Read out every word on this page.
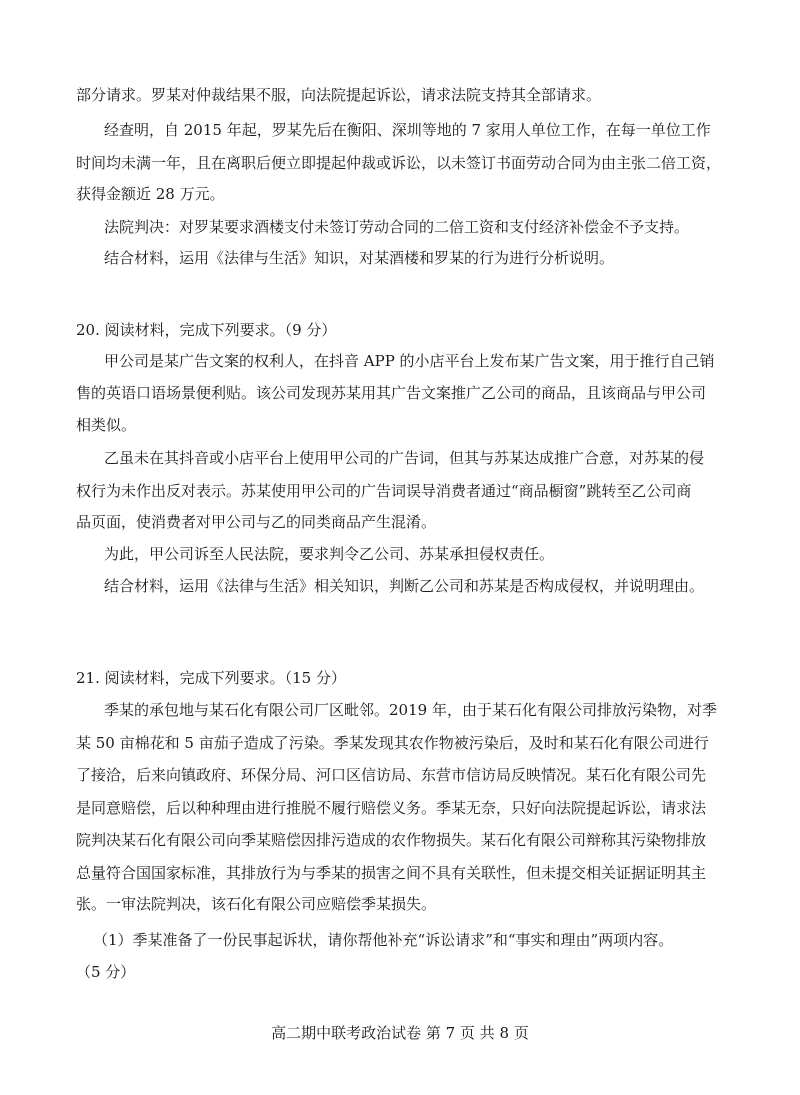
部分请求。罗某对仲裁结果不服，向法院提起诉讼，请求法院支持其全部请求。
经查明，自 2015 年起，罗某先后在衡阳、深圳等地的 7 家用人单位工作，在每一单位工作
时间均未满一年，且在离职后便立即提起仲裁或诉讼，以未签订书面劳动合同为由主张二倍工资，
获得金额近 28 万元。
法院判决：对罗某要求酒楼支付未签订劳动合同的二倍工资和支付经济补偿金不予支持。
结合材料，运用《法律与生活》知识，对某酒楼和罗某的行为进行分析说明。
20. 阅读材料，完成下列要求。（9 分）
甲公司是某广告文案的权利人，在抖音 APP 的小店平台上发布某广告文案，用于推行自己销
售的英语口语场景便利贴。该公司发现苏某用其广告文案推广乙公司的商品，且该商品与甲公司
相类似。
乙虽未在其抖音或小店平台上使用甲公司的广告词，但其与苏某达成推广合意，对苏某的侵
权行为未作出反对表示。苏某使用甲公司的广告词误导消费者通过“商品橱窗”跳转至乙公司商
品页面，使消费者对甲公司与乙的同类商品产生混淆。
为此，甲公司诉至人民法院，要求判令乙公司、苏某承担侵权责任。
结合材料，运用《法律与生活》相关知识，判断乙公司和苏某是否构成侵权，并说明理由。
21. 阅读材料，完成下列要求。（15 分）
季某的承包地与某石化有限公司厂区毗邻。2019 年，由于某石化有限公司排放污染物，对季
某 50 亩棉花和 5 亩茄子造成了污染。季某发现其农作物被污染后，及时和某石化有限公司进行
了接洽，后来向镇政府、环保分局、河口区信访局、东营市信访局反映情况。某石化有限公司先
是同意赔偿，后以种种理由进行推脱不履行赔偿义务。季某无奈，只好向法院提起诉讼，请求法
院判决某石化有限公司向季某赔偿因排污造成的农作物损失。某石化有限公司辩称其污染物排放
总量符合国国家标准，其排放行为与季某的损害之间不具有关联性，但未提交相关证据证明其主
张。一审法院判决，该石化有限公司应赔偿季某损失。
（1）季某准备了一份民事起诉状，请你帮他补充“诉讼请求”和“事实和理由”两项内容。
（5 分）
高二期中联考政治试卷 第 7 页 共 8 页
